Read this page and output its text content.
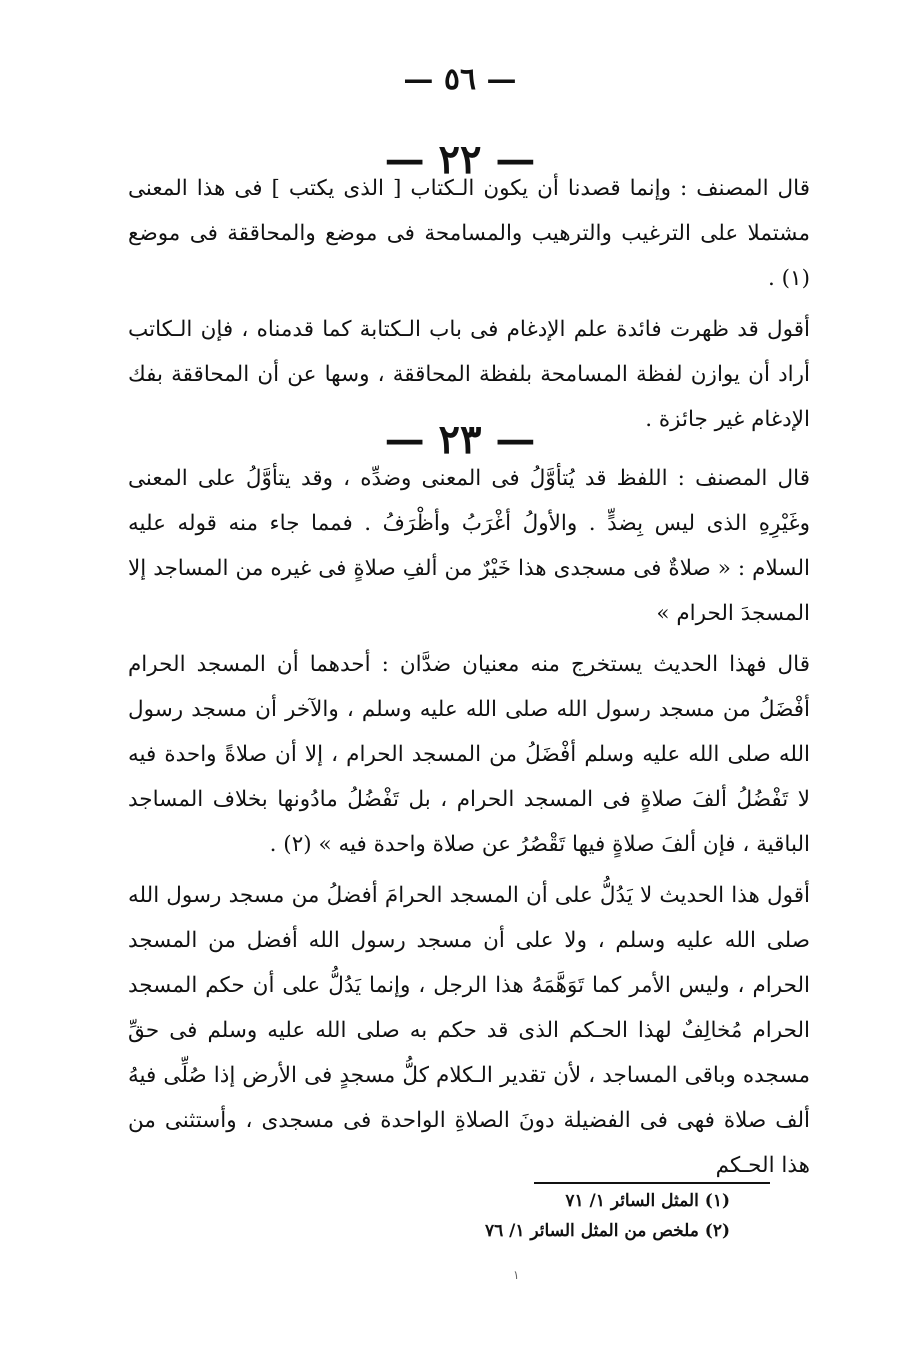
— ٥٦ —
— ٢٢ —

قال المصنف : وإنما قصدنا أن يكون الـكتاب [ الذى يكتب ] فى هذا المعنى مشتملا على الترغيب والترهيب والمسامحة فى موضع والمحاققة فى موضع (١) .

أقول قد ظهرت فائدة علم الإدغام فى باب الـكتابة كما قدمناه ، فإن الـكاتب أراد أن يوازن لفظة المسامحة بلفظة المحاققة ، وسها عن أن المحاققة بفك الإدغام غير جائزة .

— ٢٣ —

قال المصنف : اللفظ قد يُتأوَّلُ فى المعنى وضدِّه ، وقد يتأوَّلُ على المعنى وغَيْرِهِ الذى ليس بِضدٍّ . والأولُ أغْرَبُ وأظْرَفُ . فمما جاء منه قوله عليه السلام : « صلاةٌ فى مسجدى هذا خَيْرٌ من ألفِ صلاةٍ فى غيره من المساجد إلا المسجدَ الحرام »

قال فهذا الحديث يستخرج منه معنيان ضدَّان : أحدهما أن المسجد الحرام أفْضَلُ من مسجد رسول الله صلى الله عليه وسلم ، والآخر أن مسجد رسول الله صلى الله عليه وسلم أفْضَلُ من المسجد الحرام ، إلا أن صلاةً واحدة فيه لا تَفْضُلُ ألفَ صلاةٍ فى المسجد الحرام ، بل تَفْضُلُ مادُونها بخلاف المساجد الباقية ، فإن ألفَ صلاةٍ فيها تَقْصُرُ عن صلاة واحدة فيه » (٢) .

أقول هذا الحديث لا يَدُلُّ على أن المسجد الحرامَ أفضلُ من مسجد رسول الله صلى الله عليه وسلم ، ولا على أن مسجد رسول الله أفضل من المسجد الحرام ، وليس الأمر كما تَوَهَّمَهُ هذا الرجل ، وإنما يَدُلُّ على أن حكم المسجد الحرام مُخالِفٌ لهذا الحـكم الذى قد حكم به صلى الله عليه وسلم فى حقِّ مسجده وباقى المساجد ، لأن تقدير الـكلام كلُّ مسجدٍ فى الأرض إذا صُلِّى فيهُ ألف صلاة فهى فى الفضيلة دونَ الصلاةِ الواحدة فى مسجدى ، وأستثنى من هذا الحـكم

(١) المثل السائر ١/ ٧١
(٢) ملخص من المثل السائر ١/ ٧٦
١
